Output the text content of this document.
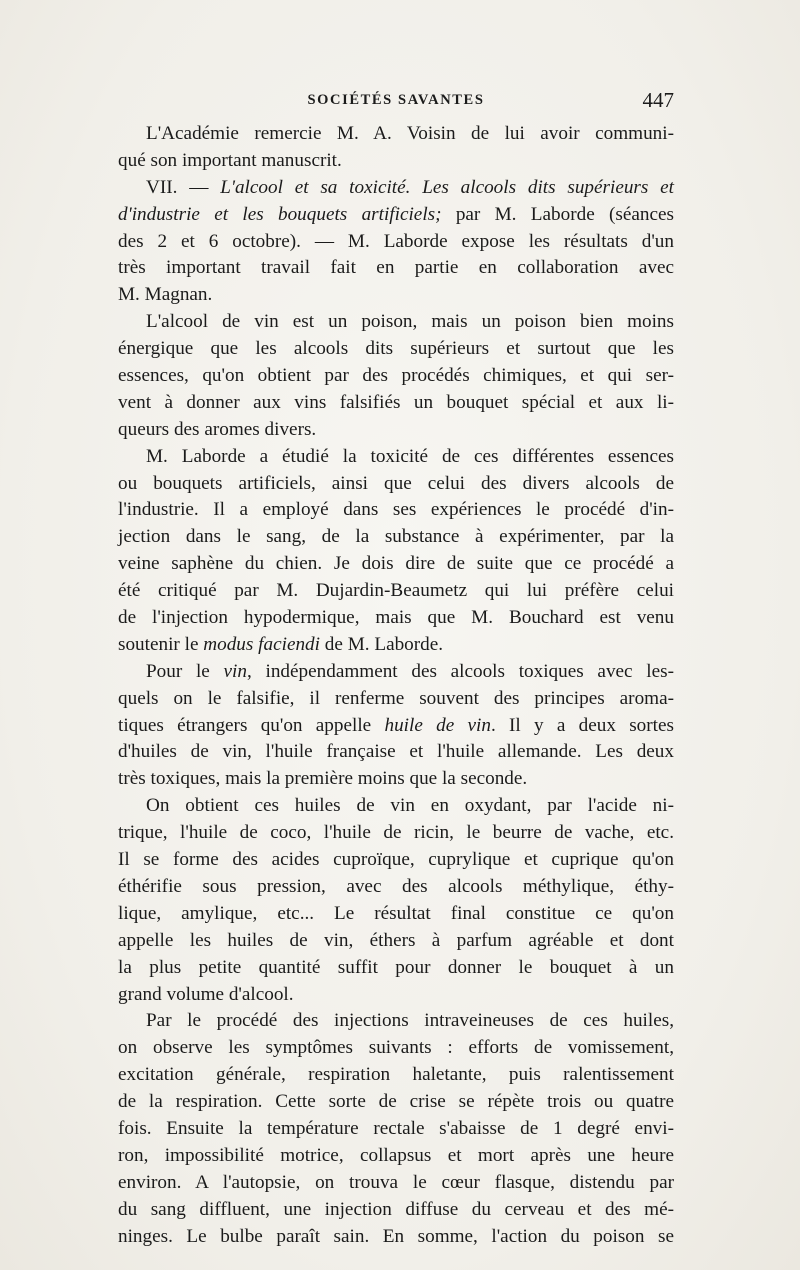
SOCIÉTÉS SAVANTES	447
L'Académie remercie M. A. Voisin de lui avoir communi-
qué son important manuscrit.
VII. — L'alcool et sa toxicité. Les alcools dits supérieurs et
d'industrie et les bouquets artificiels; par M. Laborde (séances
des 2 et 6 octobre). — M. Laborde expose les résultats d'un
très important travail fait en partie en collaboration avec
M. Magnan.
L'alcool de vin est un poison, mais un poison bien moins
énergique que les alcools dits supérieurs et surtout que les
essences, qu'on obtient par des procédés chimiques, et qui ser-
vent à donner aux vins falsifiés un bouquet spécial et aux li-
queurs des aromes divers.
M. Laborde a étudié la toxicité de ces différentes essences
ou bouquets artificiels, ainsi que celui des divers alcools de
l'industrie. Il a employé dans ses expériences le procédé d'in-
jection dans le sang, de la substance à expérimenter, par la
veine saphène du chien. Je dois dire de suite que ce procédé a
été critiqué par M. Dujardin-Beaumetz qui lui préfère celui
de l'injection hypodermique, mais que M. Bouchard est venu
soutenir le modus faciendi de M. Laborde.
Pour le vin, indépendamment des alcools toxiques avec les-
quels on le falsifie, il renferme souvent des principes aroma-
tiques étrangers qu'on appelle huile de vin. Il y a deux sortes
d'huiles de vin, l'huile française et l'huile allemande. Les deux
très toxiques, mais la première moins que la seconde.
On obtient ces huiles de vin en oxydant, par l'acide ni-
trique, l'huile de coco, l'huile de ricin, le beurre de vache, etc.
Il se forme des acides cuproïque, cuprylique et cuprique qu'on
éthérifie sous pression, avec des alcools méthylique, éthy-
lique, amylique, etc... Le résultat final constitue ce qu'on
appelle les huiles de vin, éthers à parfum agréable et dont
la plus petite quantité suffit pour donner le bouquet à un
grand volume d'alcool.
Par le procédé des injections intraveineuses de ces huiles,
on observe les symptômes suivants : efforts de vomissement,
excitation générale, respiration haletante, puis ralentissement
de la respiration. Cette sorte de crise se répète trois ou quatre
fois. Ensuite la température rectale s'abaisse de 1 degré envi-
ron, impossibilité motrice, collapsus et mort après une heure
environ. A l'autopsie, on trouva le cœur flasque, distendu par
du sang diffluent, une injection diffuse du cerveau et des mé-
ninges. Le bulbe paraît sain. En somme, l'action du poison se
